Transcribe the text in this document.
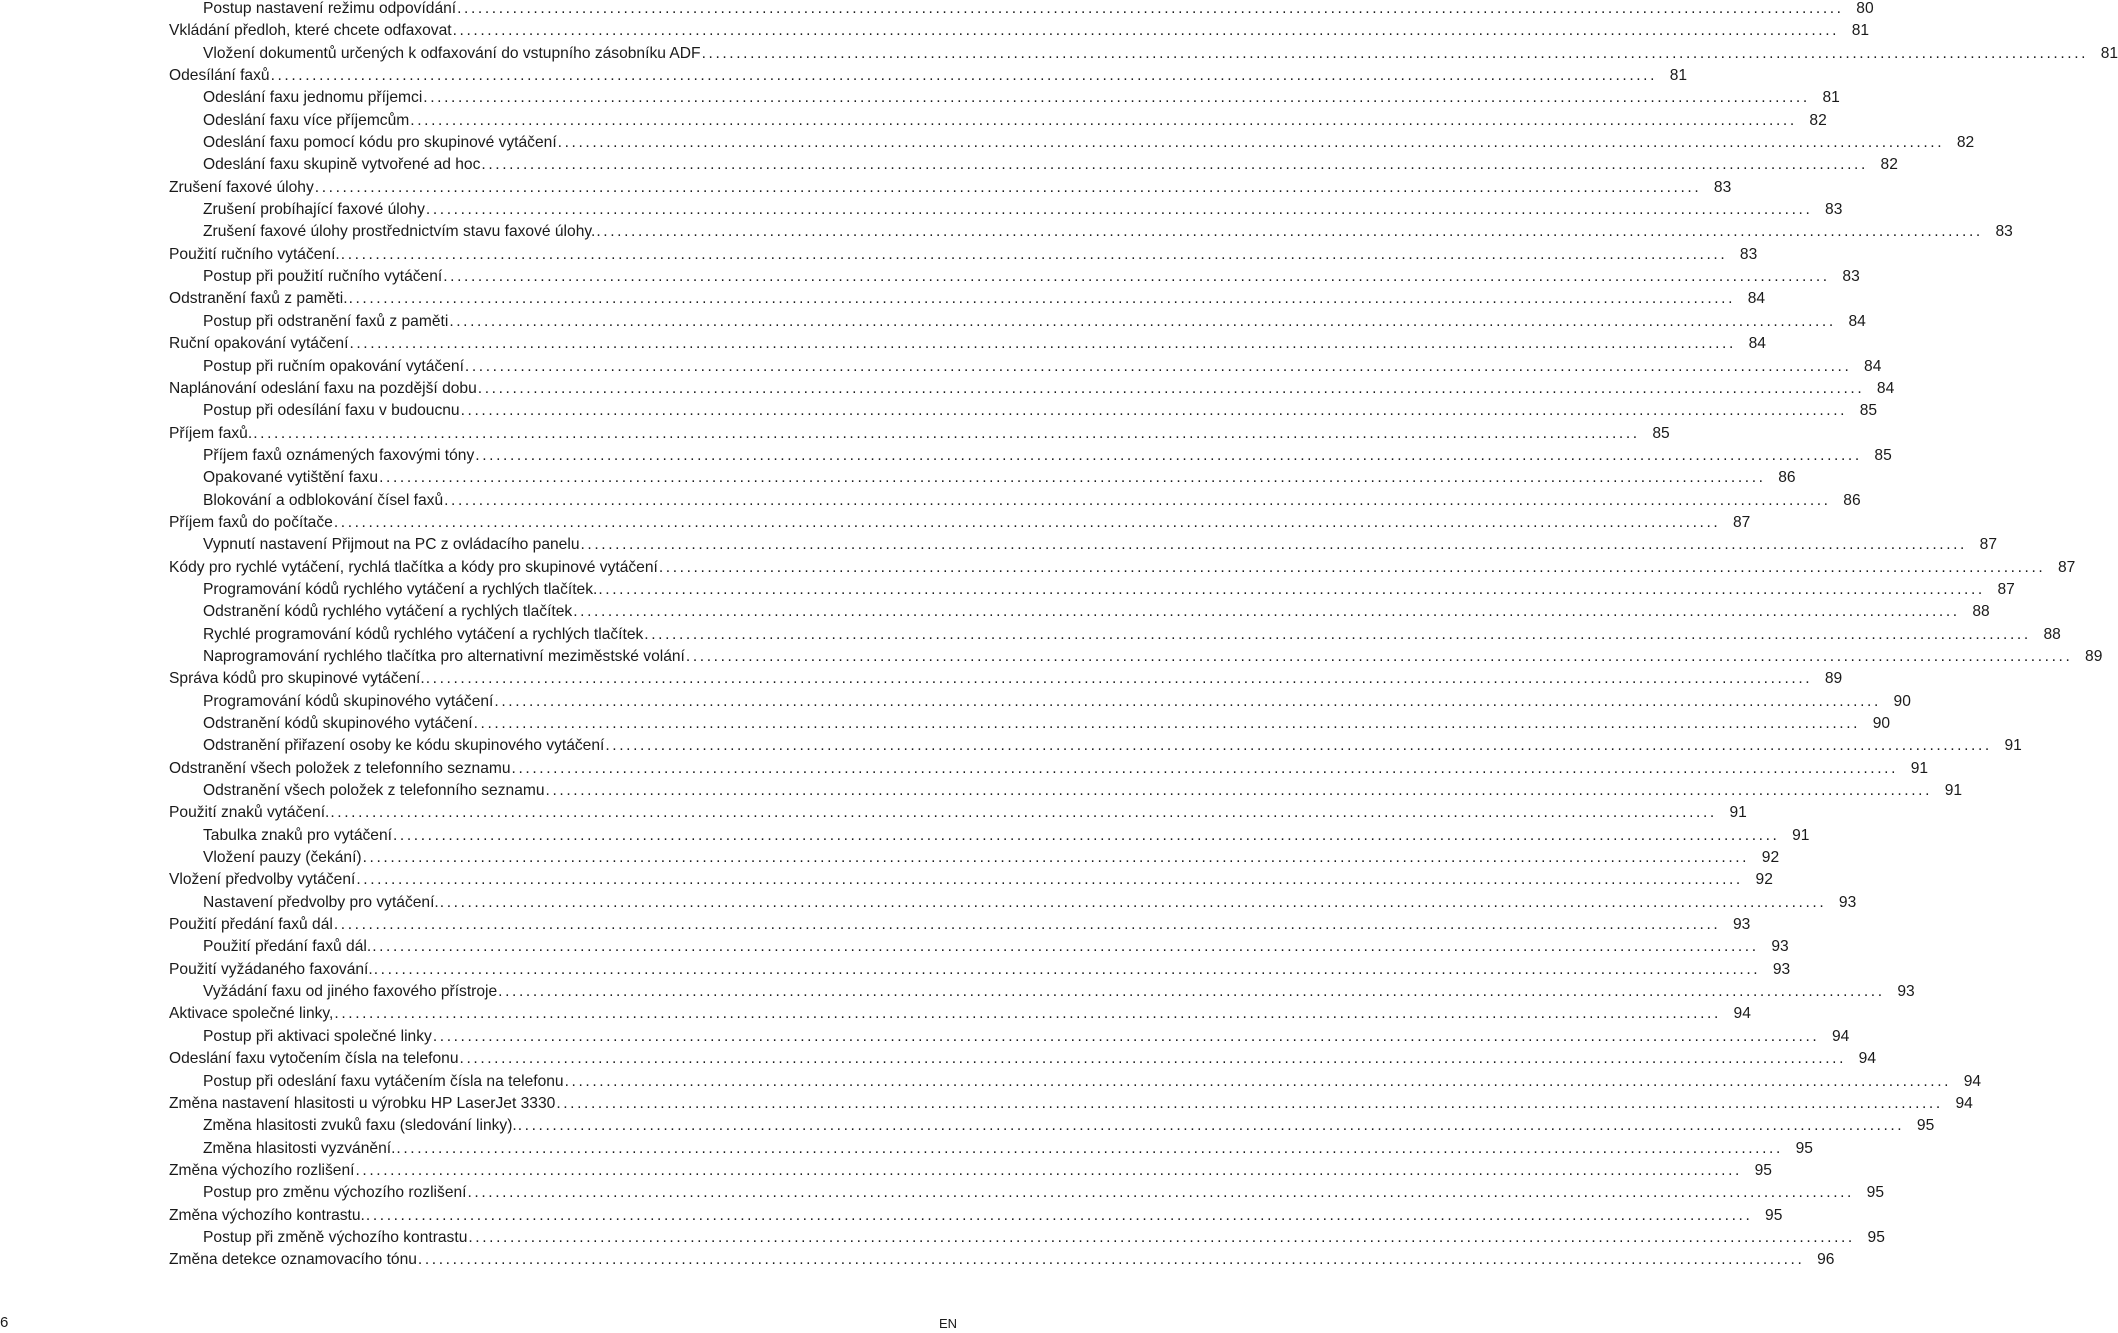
Postup nastavení režimu odpovídání ........................................................................................................................................................................................................ 80
Vkládání předloh, které chcete odfaxovat ........................................................................................................................................................................................................ 81
Vložení dokumentů určených k odfaxování do vstupního zásobníku ADF ........................................................................................................................................................................................................ 81
Odesílání faxů ........................................................................................................................................................................................................ 81
Odeslání faxu jednomu příjemci ........................................................................................................................................................................................................ 81
Odeslání faxu více příjemcům ........................................................................................................................................................................................................ 82
Odeslání faxu pomocí kódu pro skupinové vytáčení ........................................................................................................................................................................................................ 82
Odeslání faxu skupině vytvořené ad hoc ........................................................................................................................................................................................................ 82
Zrušení faxové úlohy ........................................................................................................................................................................................................ 83
Zrušení probíhající faxové úlohy ........................................................................................................................................................................................................ 83
Zrušení faxové úlohy prostřednictvím stavu faxové úlohy. ........................................................................................................................................................................................................ 83
Použití ručního vytáčení. ........................................................................................................................................................................................................ 83
Postup při použití ručního vytáčení ........................................................................................................................................................................................................ 83
Odstranění faxů z paměti. ........................................................................................................................................................................................................ 84
Postup při odstranění faxů z paměti ........................................................................................................................................................................................................ 84
Ruční opakování vytáčení ........................................................................................................................................................................................................ 84
Postup při ručním opakování vytáčení ........................................................................................................................................................................................................ 84
Naplánování odeslání faxu na pozdější dobu ........................................................................................................................................................................................................ 84
Postup při odesílání faxu v budoucnu ........................................................................................................................................................................................................ 85
Příjem faxů. ........................................................................................................................................................................................................ 85
Příjem faxů oznámených faxovými tóny ........................................................................................................................................................................................................ 85
Opakované vytištění faxu ........................................................................................................................................................................................................ 86
Blokování a odblokování čísel faxů ........................................................................................................................................................................................................ 86
Příjem faxů do počítače ........................................................................................................................................................................................................ 87
Vypnutí nastavení Přijmout na PC z ovládacího panelu ........................................................................................................................................................................................................ 87
Kódy pro rychlé vytáčení, rychlá tlačítka a kódy pro skupinové vytáčení ........................................................................................................................................................................................................ 87
Programování kódů rychlého vytáčení a rychlých tlačítek. ........................................................................................................................................................................................................ 87
Odstranění kódů rychlého vytáčení a rychlých tlačítek ........................................................................................................................................................................................................ 88
Rychlé programování kódů rychlého vytáčení a rychlých tlačítek ........................................................................................................................................................................................................ 88
Naprogramování rychlého tlačítka pro alternativní meziměstské volání ........................................................................................................................................................................................................ 89
Správa kódů pro skupinové vytáčení. ........................................................................................................................................................................................................ 89
Programování kódů skupinového vytáčení ........................................................................................................................................................................................................ 90
Odstranění kódů skupinového vytáčení ........................................................................................................................................................................................................ 90
Odstranění přiřazení osoby ke kódu skupinového vytáčení ........................................................................................................................................................................................................ 91
Odstranění všech položek z telefonního seznamu ........................................................................................................................................................................................................ 91
Odstranění všech položek z telefonního seznamu ........................................................................................................................................................................................................ 91
Použití znaků vytáčení. ........................................................................................................................................................................................................ 91
Tabulka znaků pro vytáčení ........................................................................................................................................................................................................ 91
Vložení pauzy (čekání) ........................................................................................................................................................................................................ 92
Vložení předvolby vytáčení ........................................................................................................................................................................................................ 92
Nastavení předvolby pro vytáčení. ........................................................................................................................................................................................................ 93
Použití předání faxů dál ........................................................................................................................................................................................................ 93
Použití předání faxů dál. ........................................................................................................................................................................................................ 93
Použití vyžádaného faxování. ........................................................................................................................................................................................................ 93
Vyžádání faxu od jiného faxového přístroje ........................................................................................................................................................................................................ 93
Aktivace společné linky, ........................................................................................................................................................................................................ 94
Postup při aktivaci společné linky ........................................................................................................................................................................................................ 94
Odeslání faxu vytočením čísla na telefonu ........................................................................................................................................................................................................ 94
Postup při odeslání faxu vytáčením čísla na telefonu ........................................................................................................................................................................................................ 94
Změna nastavení hlasitosti u výrobku HP LaserJet 3330 ........................................................................................................................................................................................................ 94
Změna hlasitosti zvuků faxu (sledování linky). ........................................................................................................................................................................................................ 95
Změna hlasitosti vyzvánění. ........................................................................................................................................................................................................ 95
Změna výchozího rozlišení ........................................................................................................................................................................................................ 95
Postup pro změnu výchozího rozlišení ........................................................................................................................................................................................................ 95
Změna výchozího kontrastu. ........................................................................................................................................................................................................ 95
Postup při změně výchozího kontrastu ........................................................................................................................................................................................................ 95
Změna detekce oznamovacího tónu ........................................................................................................................................................................................................ 96
6	EN
